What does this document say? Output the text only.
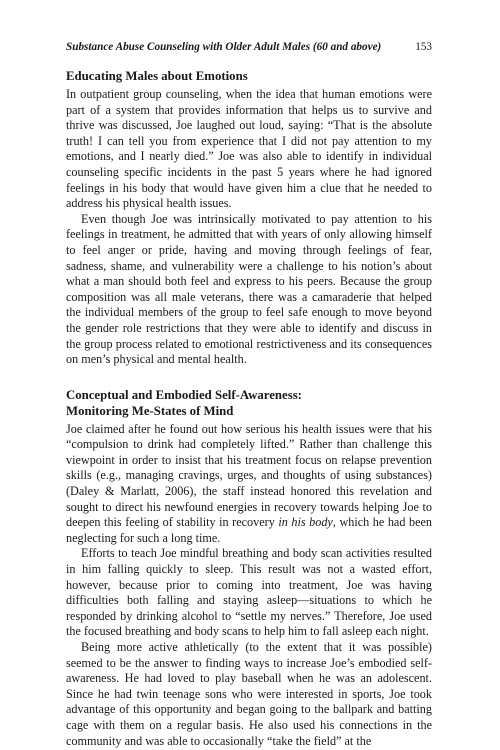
Substance Abuse Counseling with Older Adult Males (60 and above)	153
Educating Males about Emotions

In outpatient group counseling, when the idea that human emotions were part of a system that provides information that helps us to survive and thrive was discussed, Joe laughed out loud, saying: “That is the absolute truth! I can tell you from experience that I did not pay attention to my emotions, and I nearly died.” Joe was also able to identify in individual counseling specific incidents in the past 5 years where he had ignored feelings in his body that would have given him a clue that he needed to address his physical health issues.

Even though Joe was intrinsically motivated to pay attention to his feelings in treatment, he admitted that with years of only allowing himself to feel anger or pride, having and moving through feelings of fear, sadness, shame, and vulnerability were a challenge to his notion’s about what a man should both feel and express to his peers. Because the group composition was all male veterans, there was a camaraderie that helped the individual members of the group to feel safe enough to move beyond the gender role restrictions that they were able to identify and discuss in the group process related to emotional restrictiveness and its consequences on men’s physical and mental health.

Conceptual and Embodied Self-Awareness:
Monitoring Me-States of Mind

Joe claimed after he found out how serious his health issues were that his “compulsion to drink had completely lifted.” Rather than challenge this viewpoint in order to insist that his treatment focus on relapse prevention skills (e.g., managing cravings, urges, and thoughts of using substances) (Daley & Marlatt, 2006), the staff instead honored this revelation and sought to direct his newfound energies in recovery towards helping Joe to deepen this feeling of stability in recovery in his body, which he had been neglecting for such a long time.

Efforts to teach Joe mindful breathing and body scan activities resulted in him falling quickly to sleep. This result was not a wasted effort, however, because prior to coming into treatment, Joe was having difficulties both falling and staying asleep—situations to which he responded by drinking alcohol to “settle my nerves.” Therefore, Joe used the focused breathing and body scans to help him to fall asleep each night.

Being more active athletically (to the extent that it was possible) seemed to be the answer to finding ways to increase Joe’s embodied self-awareness. He had loved to play baseball when he was an adolescent. Since he had twin teenage sons who were interested in sports, Joe took advantage of this opportunity and began going to the ballpark and batting cage with them on a regular basis. He also used his connections in the community and was able to occasionally “take the field” at the
